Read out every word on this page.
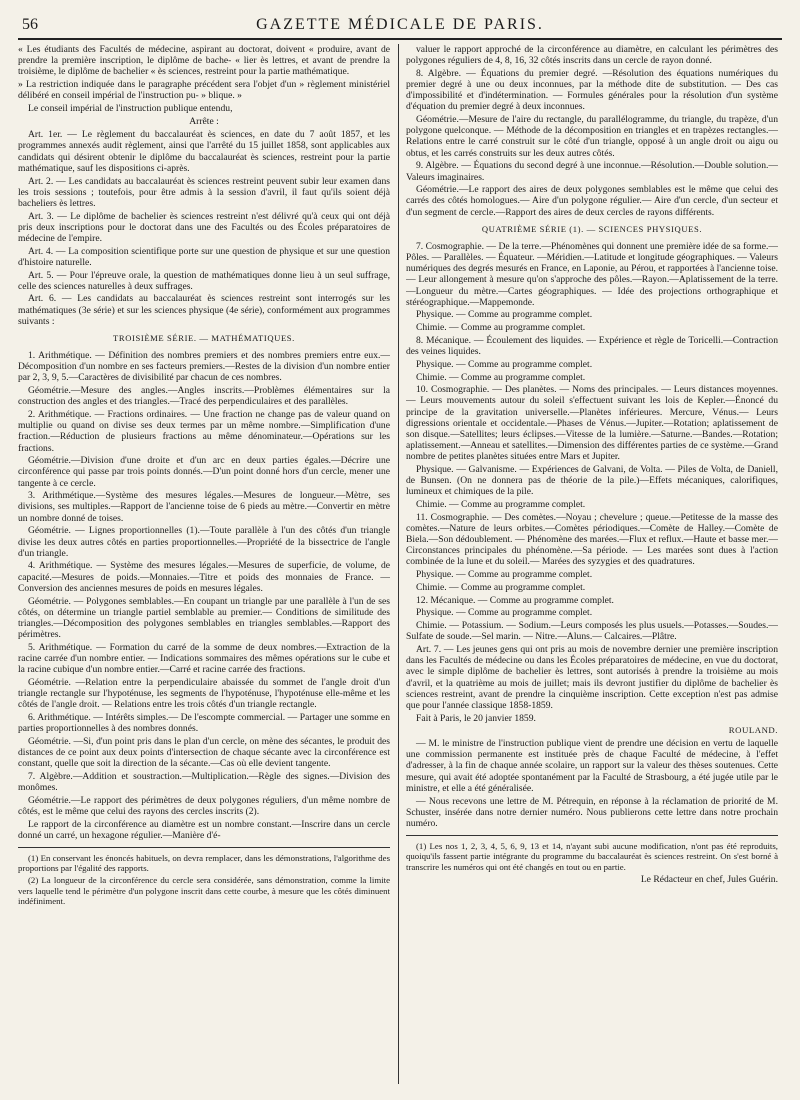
56	GAZETTE MÉDICALE DE PARIS.

« Les étudiants des Facultés de médecine, aspirant au doctorat, doivent « produire, avant de prendre la première inscription, le diplôme de bache- « lier ès lettres, et avant de prendre la troisième, le diplôme de bachelier « ès sciences, restreint pour la partie mathématique.

» La restriction indiquée dans le paragraphe précédent sera l'objet d'un » règlement ministériel délibéré en conseil impérial de l'instruction pu- » blique. »

Le conseil impérial de l'instruction publique entendu,

Arrête :

Art. 1er. — Le règlement du baccalauréat ès sciences, en date du 7 août 1857, et les programmes annexés audit règlement, ainsi que l'arrêté du 15 juillet 1858, sont applicables aux candidats qui désirent obtenir le diplôme du baccalauréat ès sciences, restreint pour la partie mathématique, sauf les dispositions ci-après.

Art. 2. — Les candidats au baccalauréat ès sciences restreint peuvent subir leur examen dans les trois sessions ; toutefois, pour être admis à la session d'avril, il faut qu'ils soient déjà bacheliers ès lettres.

Art. 3. — Le diplôme de bachelier ès sciences restreint n'est délivré qu'à ceux qui ont déjà pris deux inscriptions pour le doctorat dans une des Facultés ou des Écoles préparatoires de médecine de l'empire.

Art. 4. — La composition scientifique porte sur une question de physique et sur une question d'histoire naturelle.

Art. 5. — Pour l'épreuve orale, la question de mathématiques donne lieu à un seul suffrage, celle des sciences naturelles à deux suffrages.

Art. 6. — Les candidats au baccalauréat ès sciences restreint sont interrogés sur les mathématiques (3e série) et sur les sciences physique (4e série), conformément aux programmes suivants :

TROISIÈME SÉRIE. — MATHÉMATIQUES.

1. Arithmétique. — Définition des nombres premiers et des nombres premiers entre eux.—Décomposition d'un nombre en ses facteurs premiers.—Restes de la division d'un nombre entier par 2, 3, 9, 5.—Caractères de divisibilité par chacun de ces nombres.

Géométrie.—Mesure des angles.—Angles inscrits.—Problèmes élémentaires sur la construction des angles et des triangles.—Tracé des perpendiculaires et des parallèles.

2. Arithmétique. — Fractions ordinaires. — Une fraction ne change pas de valeur quand on multiplie ou quand on divise ses deux termes par un même nombre.—Simplification d'une fraction.—Réduction de plusieurs fractions au même dénominateur.—Opérations sur les fractions.

Géométrie.—Division d'une droite et d'un arc en deux parties égales.—Décrire une circonférence qui passe par trois points donnés.—D'un point donné hors d'un cercle, mener une tangente à ce cercle.

3. Arithmétique.—Système des mesures légales.—Mesures de longueur.—Mètre, ses divisions, ses multiples.—Rapport de l'ancienne toise de 6 pieds au mètre.—Convertir en mètre un nombre donné de toises.

Géométrie. — Lignes proportionnelles (1).—Toute parallèle à l'un des côtés d'un triangle divise les deux autres côtés en parties proportionnelles.—Propriété de la bissectrice de l'angle d'un triangle.

4. Arithmétique. — Système des mesures légales.—Mesures de superficie, de volume, de capacité.—Mesures de poids.—Monnaies.—Titre et poids des monnaies de France. — Conversion des anciennes mesures de poids en mesures légales.

Géométrie. — Polygones semblables.—En coupant un triangle par une parallèle à l'un de ses côtés, on détermine un triangle partiel semblable au premier.— Conditions de similitude des triangles.—Décomposition des polygones semblables en triangles semblables.—Rapport des périmètres.

5. Arithmétique. — Formation du carré de la somme de deux nombres.—Extraction de la racine carrée d'un nombre entier. — Indications sommaires des mêmes opérations sur le cube et la racine cubique d'un nombre entier.—Carré et racine carrée des fractions.

Géométrie. —Relation entre la perpendiculaire abaissée du sommet de l'angle droit d'un triangle rectangle sur l'hypoténuse, les segments de l'hypoténuse, l'hypoténuse elle-même et les côtés de l'angle droit. — Relations entre les trois côtés d'un triangle rectangle.

6. Arithmétique. — Intérêts simples.— De l'escompte commercial. — Partager une somme en parties proportionnelles à des nombres donnés.

Géométrie. —Si, d'un point pris dans le plan d'un cercle, on mène des sécantes, le produit des distances de ce point aux deux points d'intersection de chaque sécante avec la circonférence est constant, quelle que soit la direction de la sécante.—Cas où elle devient tangente.

7. Algèbre.—Addition et soustraction.—Multiplication.—Règle des signes.—Division des monômes.

Géométrie.—Le rapport des périmètres de deux polygones réguliers, d'un même nombre de côtés, est le même que celui des rayons des cercles inscrits (2).

Le rapport de la circonférence au diamètre est un nombre constant.—Inscrire dans un cercle donné un carré, un hexagone régulier.—Manière d'é-

(1) En conservant les énoncés habituels, on devra remplacer, dans les démonstrations, l'algorithme des proportions par l'égalité des rapports.

(2) La longueur de la circonférence du cercle sera considérée, sans démonstration, comme la limite vers laquelle tend le périmètre d'un polygone inscrit dans cette courbe, à mesure que les côtés diminuent indéfiniment.

valuer le rapport approché de la circonférence au diamètre, en calculant les périmètres des polygones réguliers de 4, 8, 16, 32 côtés inscrits dans un cercle de rayon donné.

8. Algèbre. — Équations du premier degré. —Résolution des équations numériques du premier degré à une ou deux inconnues, par la méthode dite de substitution. — Des cas d'impossibilité et d'indétermination. — Formules générales pour la résolution d'un système d'équation du premier degré à deux inconnues.

Géométrie.—Mesure de l'aire du rectangle, du parallélogramme, du triangle, du trapèze, d'un polygone quelconque. — Méthode de la décomposition en triangles et en trapèzes rectangles.—Relations entre le carré construit sur le côté d'un triangle, opposé à un angle droit ou aigu ou obtus, et les carrés construits sur les deux autres côtés.

9. Algèbre. — Équations du second degré à une inconnue.—Résolution.—Double solution.—Valeurs imaginaires.

Géométrie.—Le rapport des aires de deux polygones semblables est le même que celui des carrés des côtés homologues.— Aire d'un polygone régulier.— Aire d'un cercle, d'un secteur et d'un segment de cercle.—Rapport des aires de deux cercles de rayons différents.

QUATRIÈME SÉRIE (1). — SCIENCES PHYSIQUES.

7. Cosmographie. — De la terre.—Phénomènes qui donnent une première idée de sa forme.—Pôles. — Parallèles. — Équateur. —Méridien.—Latitude et longitude géographiques. — Valeurs numériques des degrés mesurés en France, en Laponie, au Pérou, et rapportées à l'ancienne toise. — Leur allongement à mesure qu'on s'approche des pôles.—Rayon.—Aplatissement de la terre.—Longueur du mètre.—Cartes géographiques. — Idée des projections orthographique et stéréographique.—Mappemonde.

Physique. — Comme au programme complet.

Chimie. — Comme au programme complet.

8. Mécanique. — Écoulement des liquides. — Expérience et règle de Toricelli.—Contraction des veines liquides.

Physique. — Comme au programme complet.

Chimie. — Comme au programme complet.

10. Cosmographie. — Des planètes. — Noms des principales. — Leurs distances moyennes.— Leurs mouvements autour du soleil s'effectuent suivant les lois de Kepler.—Énoncé du principe de la gravitation universelle.—Planètes inférieures. Mercure, Vénus.— Leurs digressions orientale et occidentale.—Phases de Vénus.—Jupiter.—Rotation; aplatissement de son disque.—Satellites; leurs éclipses.—Vitesse de la lumière.—Saturne.—Bandes.—Rotation; aplatissement.—Anneau et satellites.—Dimension des différentes parties de ce système.—Grand nombre de petites planètes situées entre Mars et Jupiter.

Physique. — Galvanisme. — Expériences de Galvani, de Volta. — Piles de Volta, de Daniell, de Bunsen. (On ne donnera pas de théorie de la pile.)—Effets mécaniques, calorifiques, lumineux et chimiques de la pile.

Chimie. — Comme au programme complet.

11. Cosmographie. — Des comètes.—Noyau ; chevelure ; queue.—Petitesse de la masse des comètes.—Nature de leurs orbites.—Comètes périodiques.—Comète de Halley.—Comète de Biela.—Son dédoublement. — Phénomène des marées.—Flux et reflux.—Haute et basse mer.—Circonstances principales du phénomène.—Sa période. — Les marées sont dues à l'action combinée de la lune et du soleil.— Marées des syzygies et des quadratures.

Physique. — Comme au programme complet.

Chimie. — Comme au programme complet.

12. Mécanique. — Comme au programme complet.

Physique. — Comme au programme complet.

Chimie. — Potassium. — Sodium.—Leurs composés les plus usuels.—Potasses.—Soudes.—Sulfate de soude.—Sel marin. — Nitre.—Aluns.— Calcaires.—Plâtre.

Art. 7. — Les jeunes gens qui ont pris au mois de novembre dernier une première inscription dans les Facultés de médecine ou dans les Écoles préparatoires de médecine, en vue du doctorat, avec le simple diplôme de bachelier ès lettres, sont autorisés à prendre la troisième au mois d'avril, et la quatrième au mois de juillet; mais ils devront justifier du diplôme de bachelier ès sciences restreint, avant de prendre la cinquième inscription. Cette exception n'est pas admise que pour l'année classique 1858-1859.

Fait à Paris, le 20 janvier 1859.

ROULAND.

— M. le ministre de l'instruction publique vient de prendre une décision en vertu de laquelle une commission permanente est instituée près de chaque Faculté de médecine, à l'effet d'adresser, à la fin de chaque année scolaire, un rapport sur la valeur des thèses soutenues. Cette mesure, qui avait été adoptée spontanément par la Faculté de Strasbourg, a été jugée utile par le ministre, et elle a été généralisée.

— Nous recevons une lettre de M. Pétrequin, en réponse à la réclamation de priorité de M. Schuster, insérée dans notre dernier numéro. Nous publierons cette lettre dans notre prochain numéro.

(1) Les nos 1, 2, 3, 4, 5, 6, 9, 13 et 14, n'ayant subi aucune modification, n'ont pas été reproduits, quoiqu'ils fassent partie intégrante du programme du baccalauréat ès sciences restreint. On s'est borné à transcrire les numéros qui ont été changés en tout ou en partie.

Le Rédacteur en chef, Jules Guérin.
